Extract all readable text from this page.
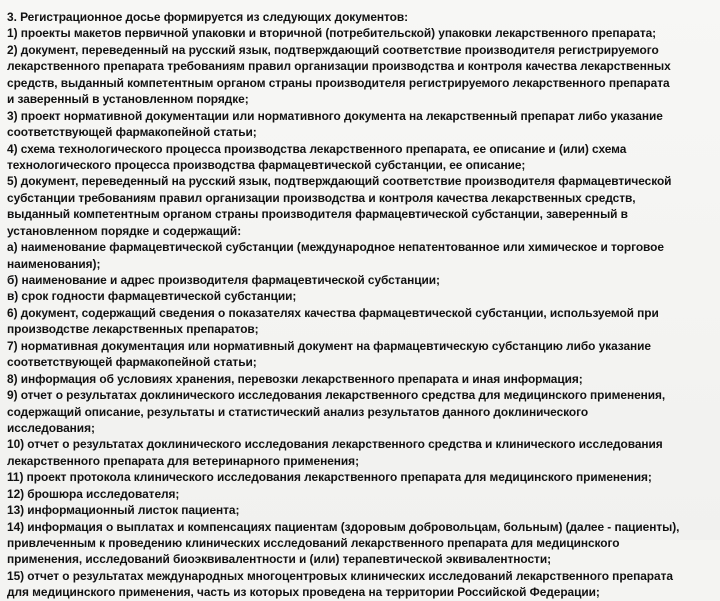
3. Регистрационное досье формируется из следующих документов:
1) проекты макетов первичной упаковки и вторичной (потребительской) упаковки лекарственного препарата;
2) документ, переведенный на русский язык, подтверждающий соответствие производителя регистрируемого
лекарственного препарата требованиям правил организации производства и контроля качества лекарственных
средств, выданный компетентным органом страны производителя регистрируемого лекарственного препарата
и заверенный в установленном порядке;
3) проект нормативной документации или нормативного документа на лекарственный препарат либо указание
соответствующей фармакопейной статьи;
4) схема технологического процесса производства лекарственного препарата, ее описание и (или) схема
технологического процесса производства фармацевтической субстанции, ее описание;
5) документ, переведенный на русский язык, подтверждающий соответствие производителя фармацевтической
субстанции требованиям правил организации производства и контроля качества лекарственных средств,
выданный компетентным органом страны производителя фармацевтической субстанции, заверенный в
установленном порядке и содержащий:
а) наименование фармацевтической субстанции (международное непатентованное или химическое и торговое
наименования);
б) наименование и адрес производителя фармацевтической субстанции;
в) срок годности фармацевтической субстанции;
6) документ, содержащий сведения о показателях качества фармацевтической субстанции, используемой при
производстве лекарственных препаратов;
7) нормативная документация или нормативный документ на фармацевтическую субстанцию либо указание
соответствующей фармакопейной статьи;
8) информация об условиях хранения, перевозки лекарственного препарата и иная информация;
9) отчет о результатах доклинического исследования лекарственного средства для медицинского применения,
содержащий описание, результаты и статистический анализ результатов данного доклинического
исследования;
10) отчет о результатах доклинического исследования лекарственного средства и клинического исследования
лекарственного препарата для ветеринарного применения;
11) проект протокола клинического исследования лекарственного препарата для медицинского применения;
12) брошюра исследователя;
13) информационный листок пациента;
14) информация о выплатах и компенсациях пациентам (здоровым добровольцам, больным) (далее - пациенты),
привлеченным к проведению клинических исследований лекарственного препарата для медицинского
применения, исследований биоэквивалентности и (или) терапевтической эквивалентности;
15) отчет о результатах международных многоцентровых клинических исследований лекарственного препарата
для медицинского применения, часть из которых проведена на территории Российской Федерации;
